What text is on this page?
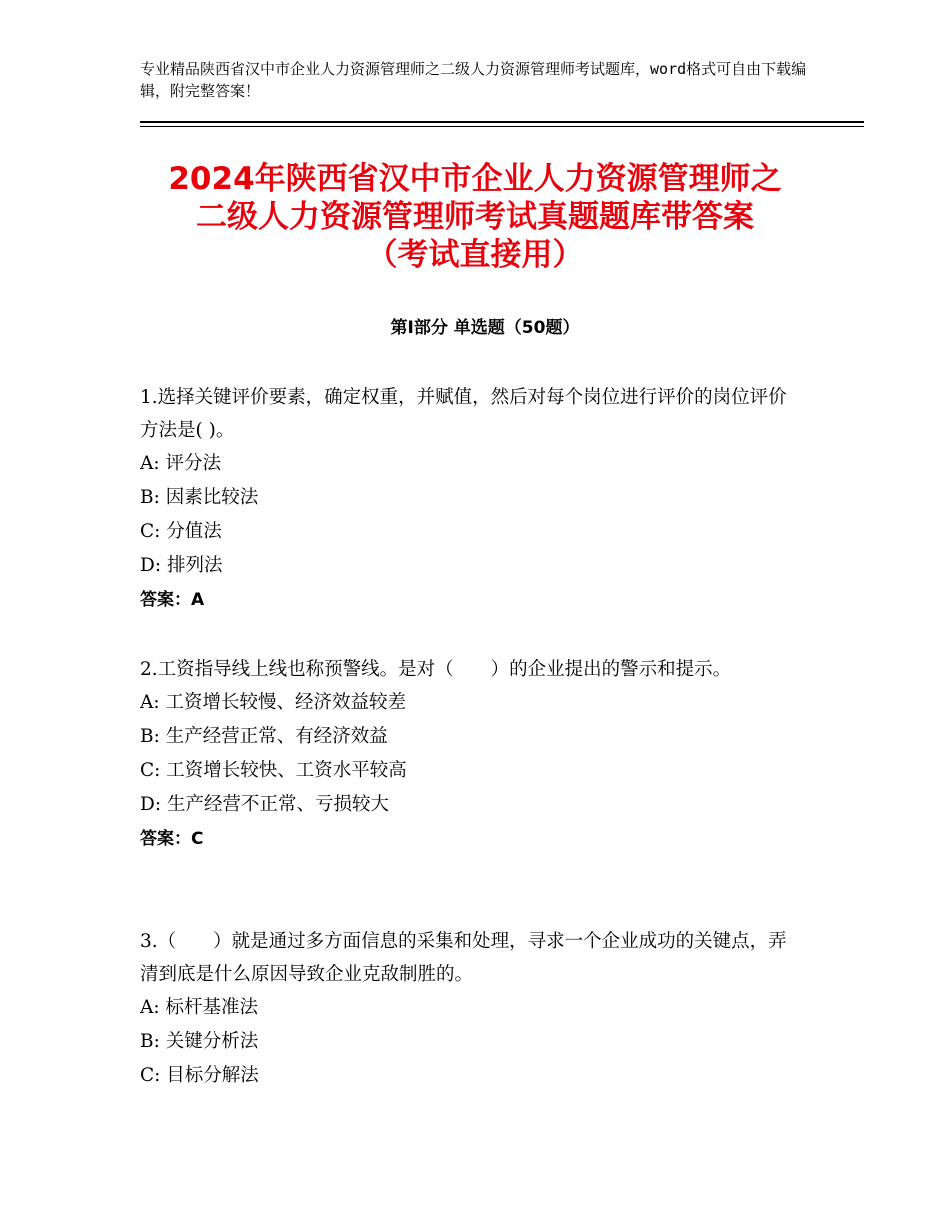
专业精品陕西省汉中市企业人力资源管理师之二级人力资源管理师考试题库，word格式可自由下载编辑，附完整答案！
2024年陕西省汉中市企业人力资源管理师之
二级人力资源管理师考试真题题库带答案
（考试直接用）
第Ⅰ部分 单选题（50题）

1.选择关键评价要素，确定权重，并赋值，然后对每个岗位进行评价的岗位评价方法是( )。

A: 评分法
B: 因素比较法
C: 分值法
D: 排列法
答案：A

2.工资指导线上线也称预警线。是对（　　）的企业提出的警示和提示。

A: 工资增长较慢、经济效益较差
B: 生产经营正常、有经济效益
C: 工资增长较快、工资水平较高
D: 生产经营不正常、亏损较大
答案：C

3.（　　）就是通过多方面信息的采集和处理，寻求一个企业成功的关键点，弄清到底是什么原因导致企业克敌制胜的。

A: 标杆基准法
B: 关键分析法
C: 目标分解法
